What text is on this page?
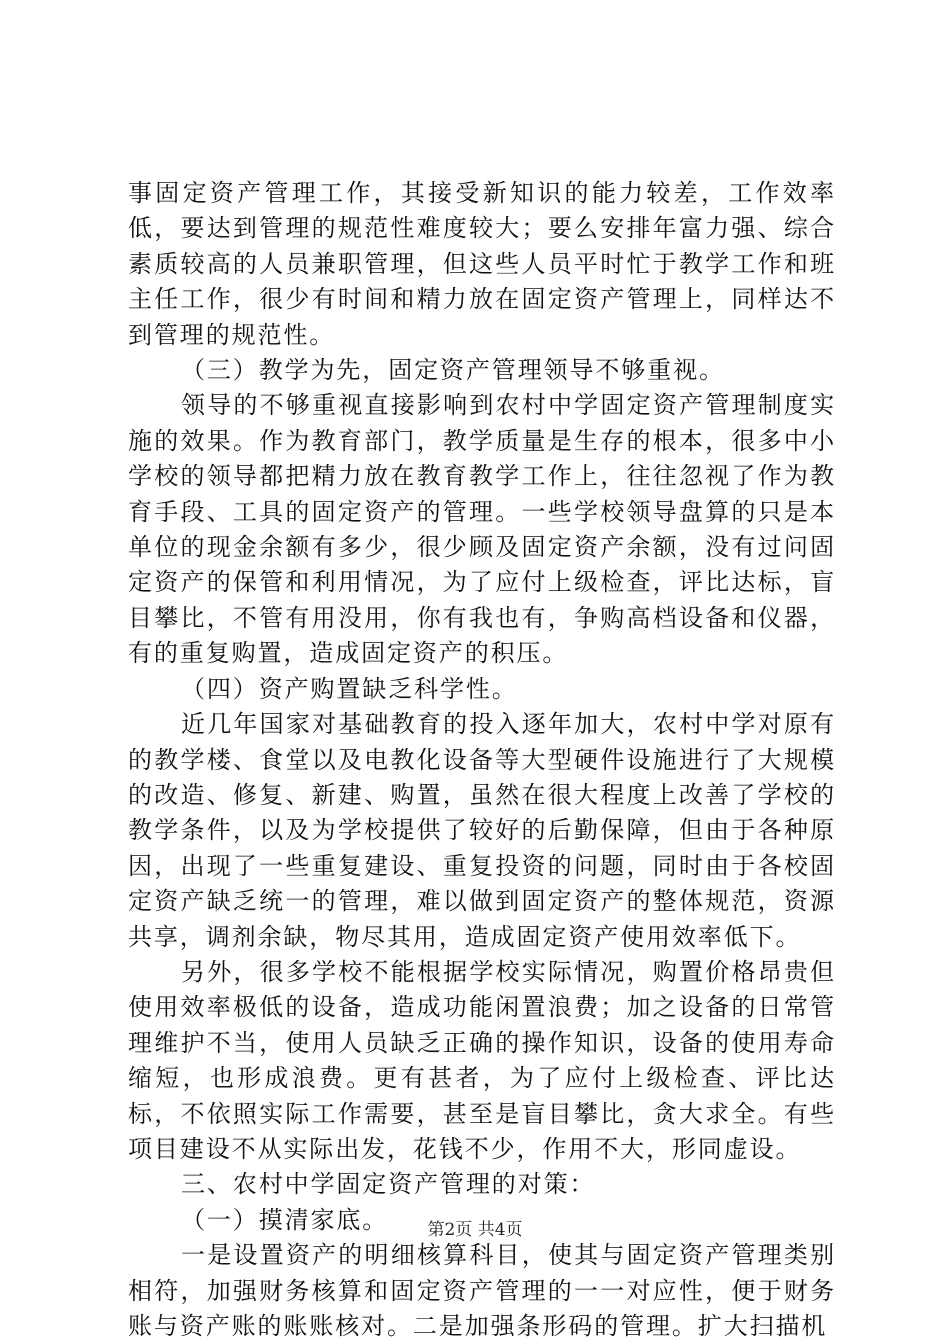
事固定资产管理工作，其接受新知识的能力较差，工作效率低，要达到管理的规范性难度较大；要么安排年富力强、综合素质较高的人员兼职管理，但这些人员平时忙于教学工作和班主任工作，很少有时间和精力放在固定资产管理上，同样达不到管理的规范性。

（三）教学为先，固定资产管理领导不够重视。

领导的不够重视直接影响到农村中学固定资产管理制度实施的效果。作为教育部门，教学质量是生存的根本，很多中小学校的领导都把精力放在教育教学工作上，往往忽视了作为教育手段、工具的固定资产的管理。一些学校领导盘算的只是本单位的现金余额有多少，很少顾及固定资产余额，没有过问固定资产的保管和利用情况，为了应付上级检查，评比达标，盲目攀比，不管有用没用，你有我也有，争购高档设备和仪器，有的重复购置，造成固定资产的积压。

（四）资产购置缺乏科学性。

近几年国家对基础教育的投入逐年加大，农村中学对原有的教学楼、食堂以及电教化设备等大型硬件设施进行了大规模的改造、修复、新建、购置，虽然在很大程度上改善了学校的教学条件，以及为学校提供了较好的后勤保障，但由于各种原因，出现了一些重复建设、重复投资的问题，同时由于各校固定资产缺乏统一的管理，难以做到固定资产的整体规范，资源共享，调剂余缺，物尽其用，造成固定资产使用效率低下。

另外，很多学校不能根据学校实际情况，购置价格昂贵但使用效率极低的设备，造成功能闲置浪费；加之设备的日常管理维护不当，使用人员缺乏正确的操作知识，设备的使用寿命缩短，也形成浪费。更有甚者，为了应付上级检查、评比达标，不依照实际工作需要，甚至是盲目攀比，贪大求全。有些项目建设不从实际出发，花钱不少，作用不大，形同虚设。

三、农村中学固定资产管理的对策：

（一）摸清家底。

一是设置资产的明细核算科目，使其与固定资产管理类别相符，加强财务核算和固定资产管理的一一对应性，便于财务账与资产账的账账核对。二是加强条形码的管理。扩大扫描机

第2页 共4页
